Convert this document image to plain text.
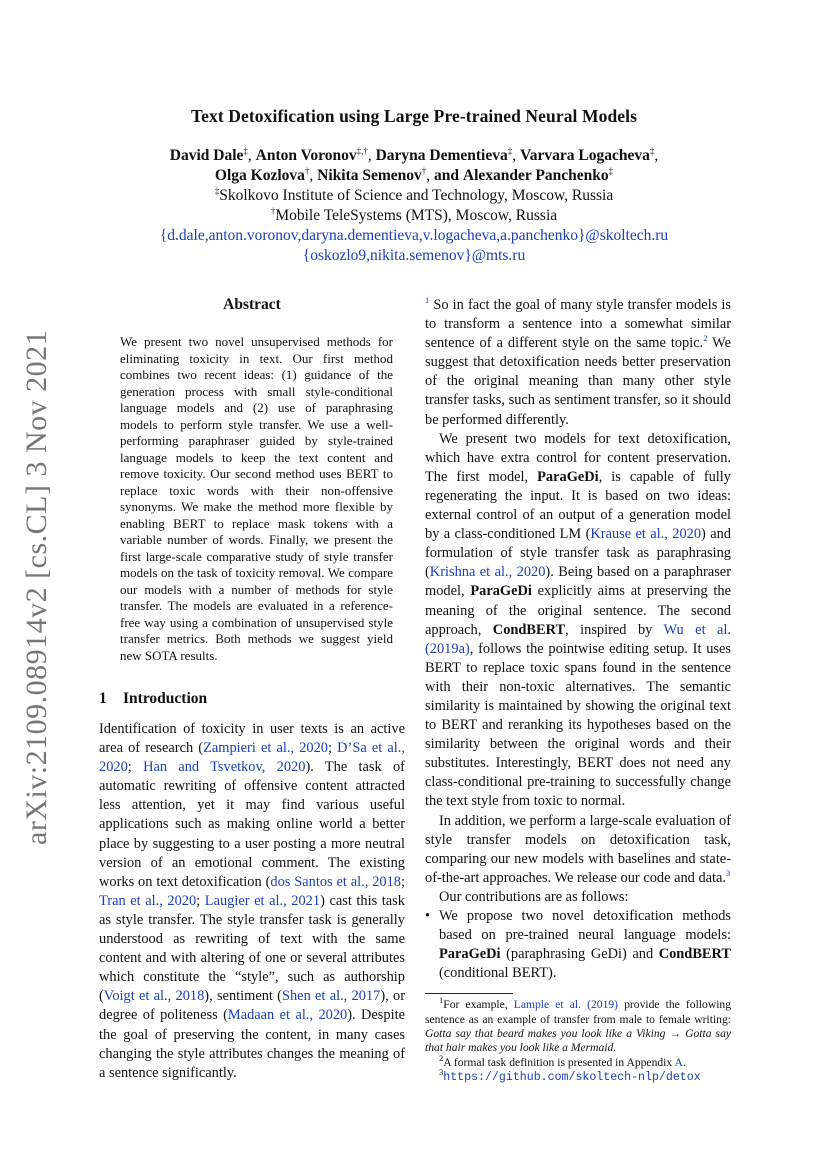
Text Detoxification using Large Pre-trained Neural Models
David Dale‡, Anton Voronov‡,†, Daryna Dementieva‡, Varvara Logacheva‡,
Olga Kozlova†, Nikita Semenov†, and Alexander Panchenko‡
‡Skolkovo Institute of Science and Technology, Moscow, Russia
†Mobile TeleSystems (MTS), Moscow, Russia
{d.dale,anton.voronov,daryna.dementieva,v.logacheva,a.panchenko}@skoltech.ru
{oskozlo9,nikita.semenov}@mts.ru
arXiv:2109.08914v2 [cs.CL] 3 Nov 2021
Abstract
We present two novel unsupervised methods for eliminating toxicity in text. Our first method combines two recent ideas: (1) guidance of the generation process with small style-conditional language models and (2) use of paraphrasing models to perform style transfer. We use a well-performing paraphraser guided by style-trained language models to keep the text content and remove toxicity. Our second method uses BERT to replace toxic words with their non-offensive synonyms. We make the method more flexible by enabling BERT to replace mask tokens with a variable number of words. Finally, we present the first large-scale comparative study of style transfer models on the task of toxicity removal. We compare our models with a number of methods for style transfer. The models are evaluated in a reference-free way using a combination of unsupervised style transfer metrics. Both methods we suggest yield new SOTA results.
1 Introduction
Identification of toxicity in user texts is an active area of research (Zampieri et al., 2020; D’Sa et al., 2020; Han and Tsvetkov, 2020). The task of automatic rewriting of offensive content attracted less attention, yet it may find various useful applications such as making online world a better place by suggesting to a user posting a more neutral version of an emotional comment. The existing works on text detoxification (dos Santos et al., 2018; Tran et al., 2020; Laugier et al., 2021) cast this task as style transfer. The style transfer task is generally understood as rewriting of text with the same content and with altering of one or several attributes which constitute the “style”, such as authorship (Voigt et al., 2018), sentiment (Shen et al., 2017), or degree of politeness (Madaan et al., 2020). Despite the goal of preserving the content, in many cases changing the style attributes changes the meaning of a sentence significantly.
$^1$ So in fact the goal of many style transfer models is to transform a sentence into a somewhat similar sentence of a different style on the same topic.$^2$ We suggest that detoxification needs better preservation of the original meaning than many other style transfer tasks, such as sentiment transfer, so it should be performed differently.
We present two models for text detoxification, which have extra control for content preservation. The first model, ParaGeDi, is capable of fully regenerating the input. It is based on two ideas: external control of an output of a generation model by a class-conditioned LM (Krause et al., 2020) and formulation of style transfer task as paraphrasing (Krishna et al., 2020). Being based on a paraphraser model, ParaGeDi explicitly aims at preserving the meaning of the original sentence. The second approach, CondBERT, inspired by Wu et al. (2019a), follows the pointwise editing setup. It uses BERT to replace toxic spans found in the sentence with their non-toxic alternatives. The semantic similarity is maintained by showing the original text to BERT and reranking its hypotheses based on the similarity between the original words and their substitutes. Interestingly, BERT does not need any class-conditional pre-training to successfully change the text style from toxic to normal.
In addition, we perform a large-scale evaluation of style transfer models on detoxification task, comparing our new models with baselines and state-of-the-art approaches. We release our code and data.$^3$
Our contributions are as follows:
• We propose two novel detoxification methods based on pre-trained neural language models: ParaGeDi (paraphrasing GeDi) and CondBERT (conditional BERT).
$^1$For example, Lample et al. (2019) provide the following sentence as an example of transfer from male to female writing: Gotta say that beard makes you look like a Viking → Gotta say that hair makes you look like a Mermaid.
$^2$A formal task definition is presented in Appendix A.
$^3$https://github.com/skoltech-nlp/detox
